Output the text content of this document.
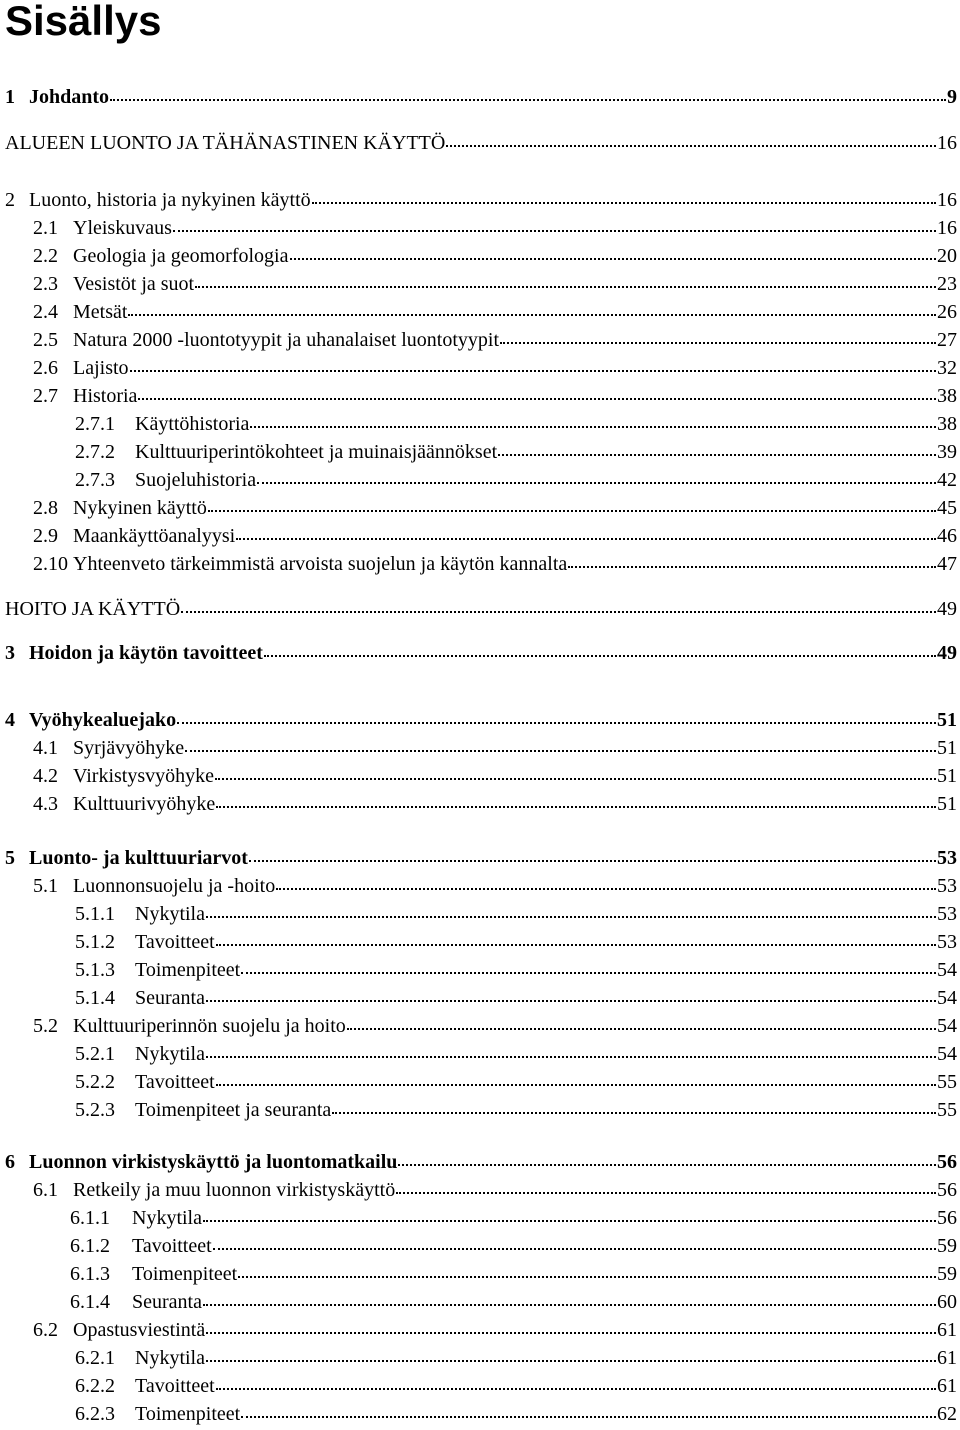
Sisällys
1 Johdanto	9
ALUEEN LUONTO JA TÄHÄNASTINEN KÄYTTÖ	16
2 Luonto, historia ja nykyinen käyttö	16
2.1 Yleiskuvaus	16
2.2 Geologia ja geomorfologia	20
2.3 Vesistöt ja suot	23
2.4 Metsät	26
2.5 Natura 2000 -luontotyypit ja uhanalaiset luontotyypit	27
2.6 Lajisto	32
2.7 Historia	38
2.7.1	Käyttöhistoria	38
2.7.2	Kulttuuriperintökohteet ja muinaisjäännökset	39
2.7.3	Suojeluhistoria	42
2.8 Nykyinen käyttö	45
2.9 Maankäyttöanalyysi	46
2.10 Yhteenveto tärkeimmistä arvoista suojelun ja käytön kannalta	47
HOITO JA KÄYTTÖ	49
3 Hoidon ja käytön tavoitteet	49
4 Vyöhykealuejako	51
4.1 Syrjävyöhyke	51
4.2 Virkistysvyöhyke	51
4.3 Kulttuurivyöhyke	51
5 Luonto- ja kulttuuriarvot	53
5.1 Luonnonsuojelu ja -hoito	53
5.1.1	Nykytila	53
5.1.2	Tavoitteet	53
5.1.3	Toimenpiteet	54
5.1.4	Seuranta	54
5.2 Kulttuuriperinnön suojelu ja hoito	54
5.2.1	Nykytila	54
5.2.2	Tavoitteet	55
5.2.3	Toimenpiteet ja seuranta	55
6 Luonnon virkistyskäyttö ja luontomatkailu	56
6.1 Retkeily ja muu luonnon virkistyskäyttö	56
6.1.1	Nykytila	56
6.1.2	Tavoitteet	59
6.1.3	Toimenpiteet	59
6.1.4	Seuranta	60
6.2 Opastusviestintä	61
6.2.1	Nykytila	61
6.2.2	Tavoitteet	61
6.2.3	Toimenpiteet	62
